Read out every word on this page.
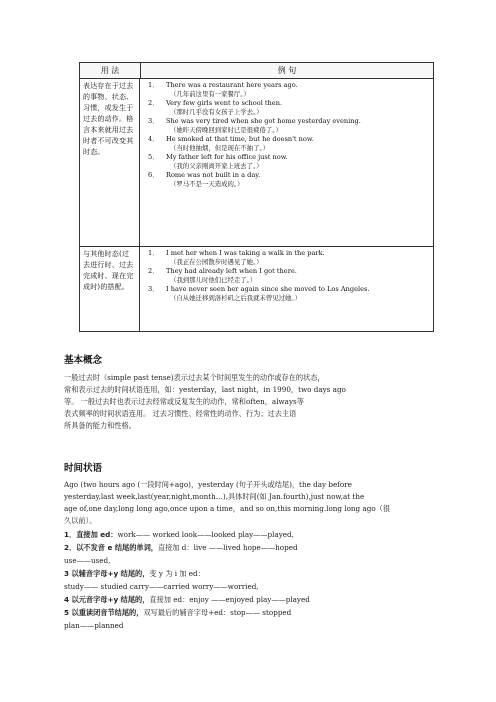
用 法	例 句
表达存在于过去的事物、状态、习惯，或发生于过去的动作。格言本来就用过去时者不可改变其时态。
1． There was a restaurant here years ago.
（几年前这里有一家餐厅。）
2． Very few girls went to school then.
（那时几乎没有女孩子上学去。）
3． She was very tired when she got home yesterday evening.
（她昨天傍晚回到家时已是很疲倦了。）
4． He smoked at that time, but he doesn't now.
（当时他抽烟，但是现在不抽了。）
5． My father left for his office just now.
（我的父亲刚离开家上班去了。）
6． Rome was not built in a day.
（罗马不是一天造成的。）
与其他时态(过去进行时、过去完成时、现在完成时)的搭配。
1． I met her when I was taking a walk in the park.
（我正在公园散步时遇见了她。）
2． They had already left when I got there.
（我到那儿时他们已经走了。）
3． I have never seen her again since she moved to Los Angeles.
（自从她迁移到洛杉矶之后我就未曾见过她。）
基本概念
一般过去时（simple past tense)表示过去某个时间里发生的动作或存在的状态，
常和表示过去的时间状语连用，如：yesterday，last night，in 1990，two days ago
等。 一般过去时也表示过去经常或反复发生的动作，常和often，always等
表式频率的时间状语连用。 过去习惯性、经常性的动作、行为；过去主语
所具备的能力和性格。
时间状语
Ago (two hours ago (一段时间+ago)，yesterday (句子开头或结尾)，the day before
yesterday,last week,last(year,night,month…),具体时间(如 Jan.fourth),just now,at the
age of,one day,long long ago,once upon a time，and so on,this morning.long long ago（很
久以前）。
1．直接加 ed：work—— worked look——looked play——played,
2．以不发音 e 结尾的单词，直接加 d：live ——lived hope——hoped
use——used,
3 以辅音字母+y 结尾的，变 y 为 i 加 ed：
study—— studied carry——carried worry——worried,
4 以元音字母+y 结尾的，直接加 ed：enjoy ——enjoyed play——played
5 以重读闭音节结尾的，双写最后的辅音字母+ed：stop—— stopped
plan——planned
